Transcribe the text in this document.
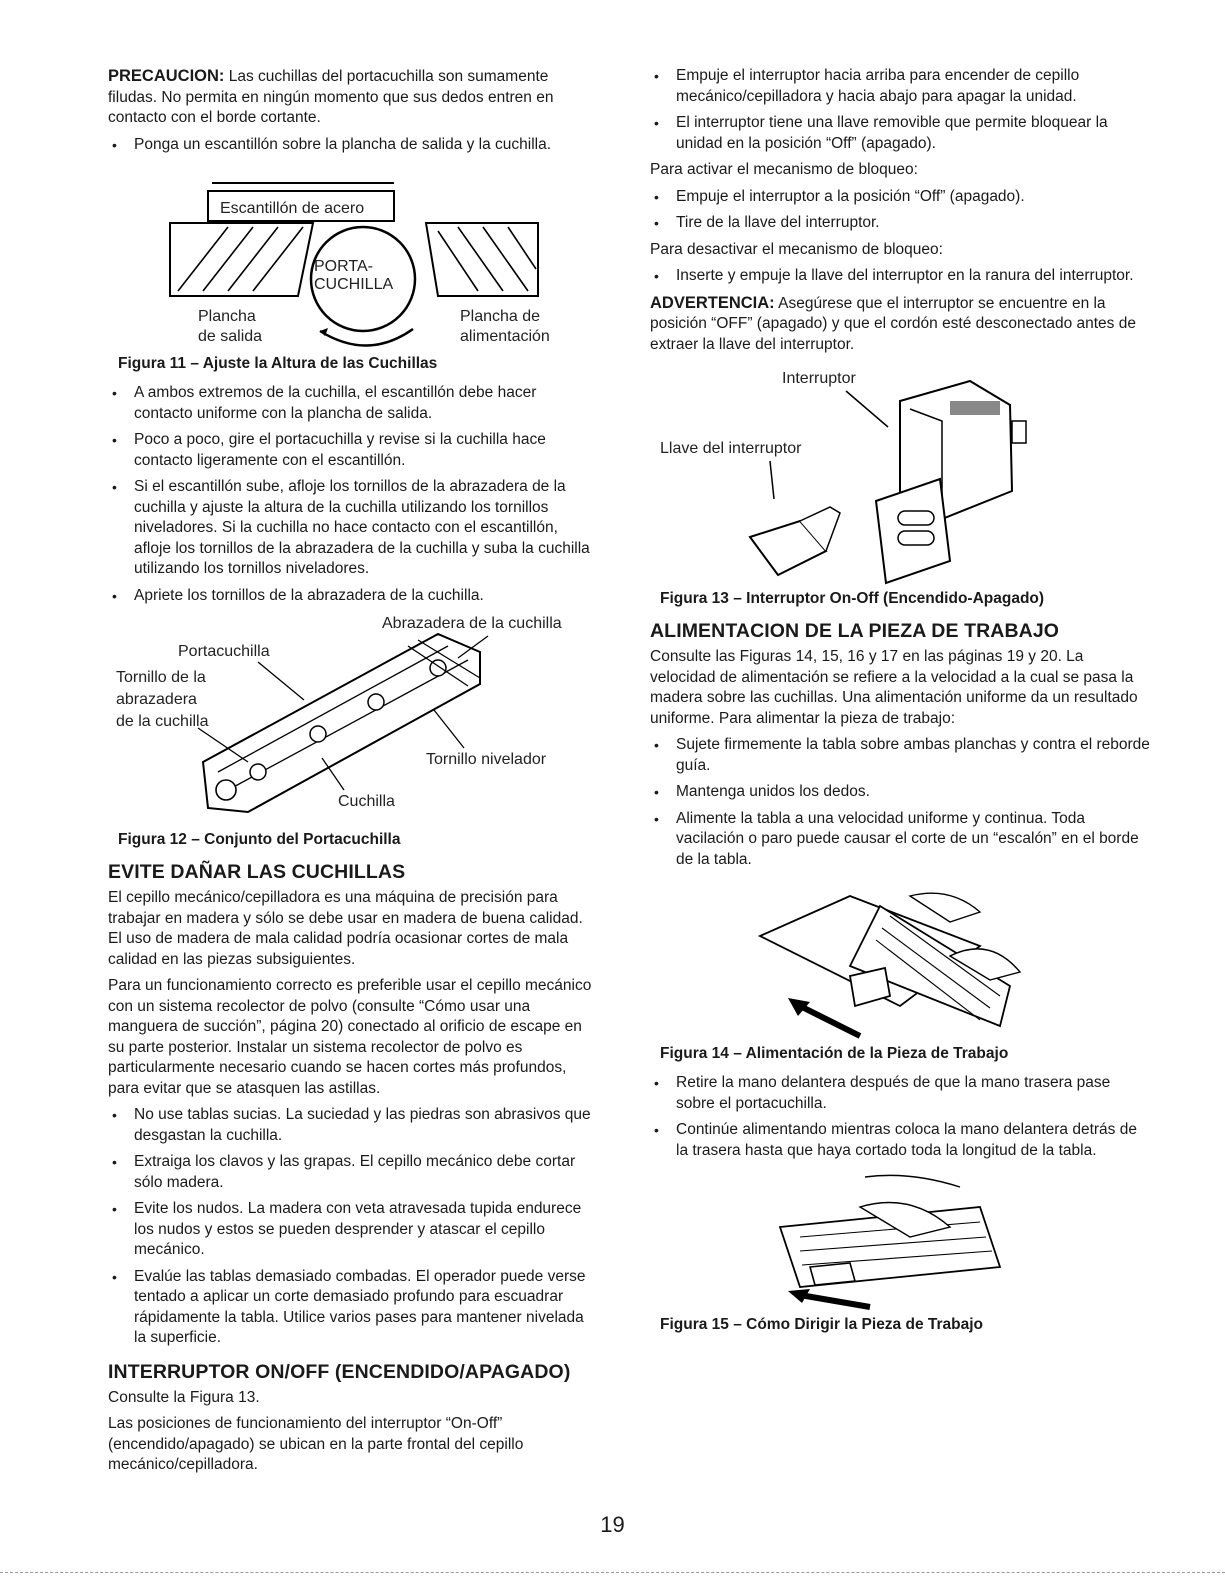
PRECAUCION: Las cuchillas del portacuchilla son sumamente filudas. No permita en ningún momento que sus dedos entren en contacto con el borde cortante.

• Ponga un escantillón sobre la plancha de salida y la cuchilla.
Escantillón de acero
PORTA-
CUCHILLA
Plancha
de salida
Plancha de
alimentación
Figura 11 – Ajuste la Altura de las Cuchillas
• A ambos extremos de la cuchilla, el escantillón debe hacer contacto uniforme con la plancha de salida.
• Poco a poco, gire el portacuchilla y revise si la cuchilla hace contacto ligeramente con el escantillón.
• Si el escantillón sube, afloje los tornillos de la abrazadera de la cuchilla y ajuste la altura de la cuchilla utilizando los tornillos niveladores. Si la cuchilla no hace contacto con el escantillón, afloje los tornillos de la abrazadera de la cuchilla y suba la cuchilla utilizando los tornillos niveladores.
• Apriete los tornillos de la abrazadera de la cuchilla.
Abrazadera de la cuchilla
Portacuchilla
Tornillo de la
abrazadera
de la cuchilla
Tornillo nivelador
Cuchilla
Figura 12 – Conjunto del Portacuchilla
EVITE DAÑAR LAS CUCHILLAS

El cepillo mecánico/cepilladora es una máquina de precisión para trabajar en madera y sólo se debe usar en madera de buena calidad. El uso de madera de mala calidad podría ocasionar cortes de mala calidad en las piezas subsiguientes.

Para un funcionamiento correcto es preferible usar el cepillo mecánico con un sistema recolector de polvo (consulte “Cómo usar una manguera de succión”, página 20) conectado al orificio de escape en su parte posterior. Instalar un sistema recolector de polvo es particularmente necesario cuando se hacen cortes más profundos, para evitar que se atasquen las astillas.

• No use tablas sucias. La suciedad y las piedras son abrasivos que desgastan la cuchilla.
• Extraiga los clavos y las grapas. El cepillo mecánico debe cortar sólo madera.
• Evite los nudos. La madera con veta atravesada tupida endurece los nudos y estos se pueden desprender y atascar el cepillo mecánico.
• Evalúe las tablas demasiado combadas. El operador puede verse tentado a aplicar un corte demasiado profundo para escuadrar rápidamente la tabla. Utilice varios pases para mantener nivelada la superficie.
INTERRUPTOR ON/OFF (ENCENDIDO/APAGADO)

Consulte la Figura 13.

Las posiciones de funcionamiento del interruptor “On-Off” (encendido/apagado) se ubican en la parte frontal del cepillo mecánico/cepilladora.

• Empuje el interruptor hacia arriba para encender de cepillo mecánico/cepilladora y hacia abajo para apagar la unidad.
• El interruptor tiene una llave removible que permite bloquear la unidad en la posición “Off” (apagado).

Para activar el mecanismo de bloqueo:

• Empuje el interruptor a la posición “Off” (apagado).
• Tire de la llave del interruptor.

Para desactivar el mecanismo de bloqueo:

• Inserte y empuje la llave del interruptor en la ranura del interruptor.

ADVERTENCIA: Asegúrese que el interruptor se encuentre en la posición “OFF” (apagado) y que el cordón esté desconectado antes de extraer la llave del interruptor.

Interruptor
Llave del interruptor
Figura 13 – Interruptor On-Off (Encendido-Apagado)
ALIMENTACION DE LA PIEZA DE TRABAJO

Consulte las Figuras 14, 15, 16 y 17 en las páginas 19 y 20. La velocidad de alimentación se refiere a la velocidad a la cual se pasa la madera sobre las cuchillas. Una alimentación uniforme da un resultado uniforme. Para alimentar la pieza de trabajo:

• Sujete firmemente la tabla sobre ambas planchas y contra el reborde guía.
• Mantenga unidos los dedos.
• Alimente la tabla a una velocidad uniforme y continua. Toda vacilación o paro puede causar el corte de un “escalón” en el borde de la tabla.
Figura 14 – Alimentación de la Pieza de Trabajo
• Retire la mano delantera después de que la mano trasera pase sobre el portacuchilla.
• Continúe alimentando mientras coloca la mano delantera detrás de la trasera hasta que haya cortado toda la longitud de la tabla.
Figura 15 – Cómo Dirigir la Pieza de Trabajo
19
